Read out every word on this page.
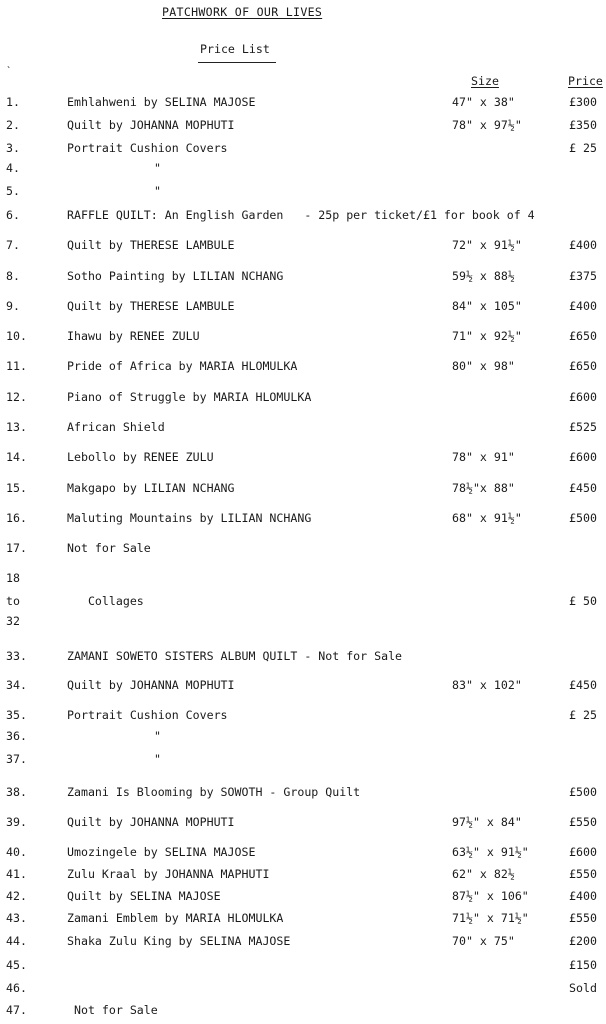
PATCHWORK OF OUR LIVES
Price List
`
Size	Price
1.	Emhlahweni by SELINA MAJOSE	47" x 38"	£300
2.	Quilt by JOHANNA MOPHUTI	78" x 97½"	£350
3.	Portrait Cushion Covers	£ 25
4.	"
5.	"
6.	RAFFLE QUILT: An English Garden   - 25p per ticket/£1 for book of 4
7.	Quilt by THERESE LAMBULE	72" x 91½"	£400
8.	Sotho Painting by LILIAN NCHANG	59½ x 88½	£375
9.	Quilt by THERESE LAMBULE	84" x 105"	£400
10.	Ihawu by RENEE ZULU	71" x 92½"	£650
11.	Pride of Africa by MARIA HLOMULKA	80" x 98"	£650
12.	Piano of Struggle by MARIA HLOMULKA	£600
13.	African Shield	£525
14.	Lebollo by RENEE ZULU	78" x 91"	£600
15.	Makgapo by LILIAN NCHANG	78½"x 88"	£450
16.	Maluting Mountains by LILIAN NCHANG	68" x 91½"	£500
17.	Not for Sale
18
to	Collages	£ 50
32
33.	ZAMANI SOWETO SISTERS ALBUM QUILT - Not for Sale
34.	Quilt by JOHANNA MOPHUTI	83" x 102"	£450
35.	Portrait Cushion Covers	£ 25
36.	"
37.	"
38.	Zamani Is Blooming by SOWOTH - Group Quilt	£500
39.	Quilt by JOHANNA MOPHUTI	97½" x 84"	£550
40.	Umozingele by SELINA MAJOSE	63½" x 91½"	£600
41.	Zulu Kraal by JOHANNA MAPHUTI	62" x 82½	£550
42.	Quilt by SELINA MAJOSE	87½" x 106"	£400
43.	Zamani Emblem by MARIA HLOMULKA	71½" x 71½"	£550
44.	Shaka Zulu King by SELINA MAJOSE	70" x 75"	£200
45.	£150
46.	Sold
47.	Not for Sale
